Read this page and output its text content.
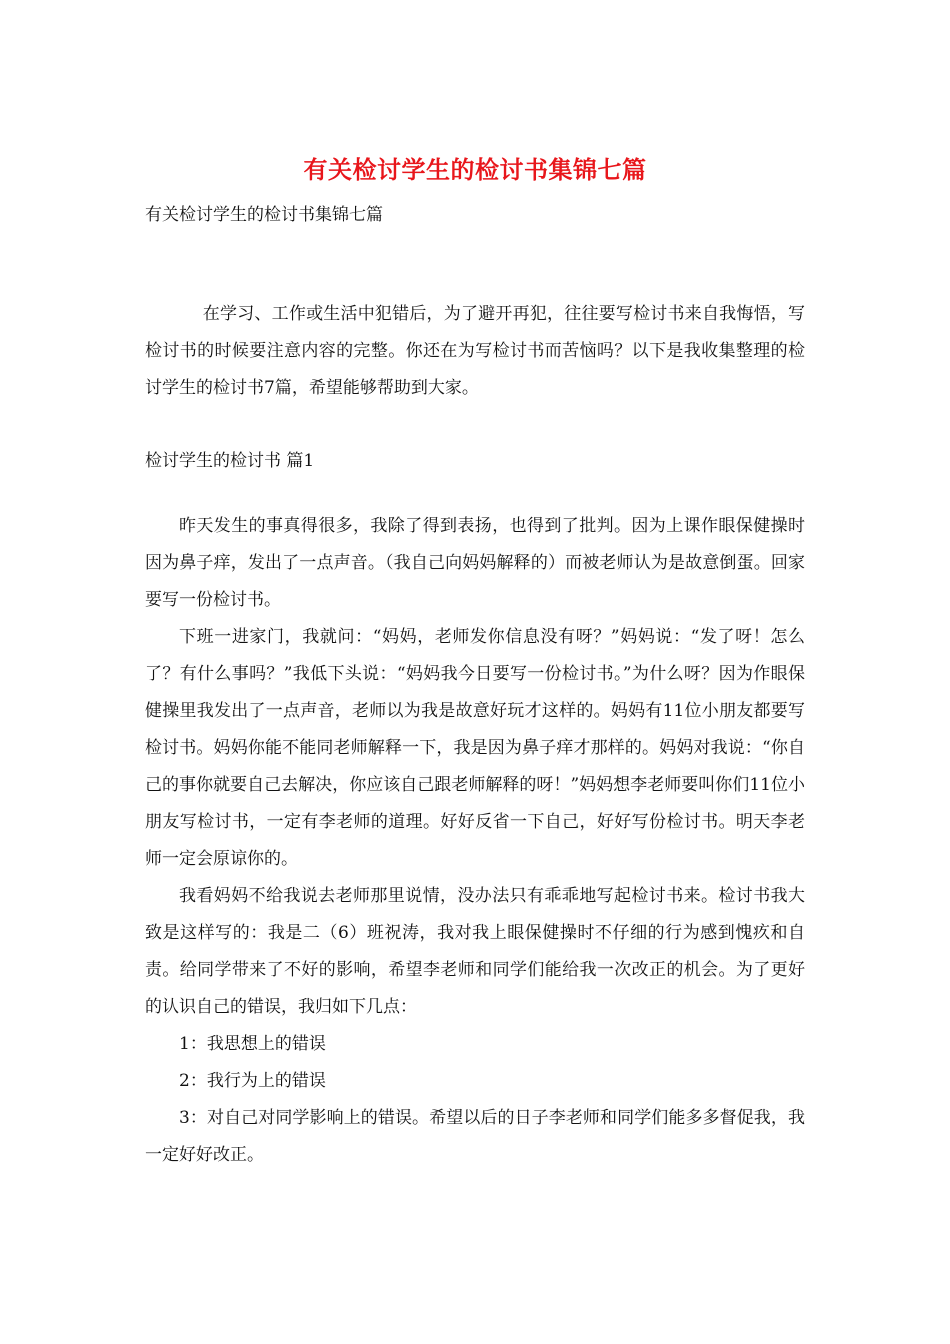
有关检讨学生的检讨书集锦七篇
有关检讨学生的检讨书集锦七篇

在学习、工作或生活中犯错后，为了避开再犯，往往要写检讨书来自我悔悟，写检讨书的时候要注意内容的完整。你还在为写检讨书而苦恼吗？以下是我收集整理的检讨学生的检讨书7篇，希望能够帮助到大家。

检讨学生的检讨书 篇1

昨天发生的事真得很多，我除了得到表扬，也得到了批判。因为上课作眼保健操时因为鼻子痒，发出了一点声音。（我自己向妈妈解释的）而被老师认为是故意倒蛋。回家要写一份检讨书。

下班一进家门，我就问：“妈妈，老师发你信息没有呀？”妈妈说：“发了呀！怎么了？有什么事吗？”我低下头说：“妈妈我今日要写一份检讨书。”为什么呀？因为作眼保健操里我发出了一点声音，老师以为我是故意好玩才这样的。妈妈有11位小朋友都要写检讨书。妈妈你能不能同老师解释一下，我是因为鼻子痒才那样的。妈妈对我说：“你自己的事你就要自己去解决，你应该自己跟老师解释的呀！”妈妈想李老师要叫你们11位小朋友写检讨书，一定有李老师的道理。好好反省一下自己，好好写份检讨书。明天李老师一定会原谅你的。

我看妈妈不给我说去老师那里说情，没办法只有乖乖地写起检讨书来。检讨书我大致是这样写的：我是二（6）班祝涛，我对我上眼保健操时不仔细的行为感到愧疚和自责。给同学带来了不好的影响，希望李老师和同学们能给我一次改正的机会。为了更好的认识自己的错误，我归如下几点：

1：我思想上的错误

2：我行为上的错误

3：对自己对同学影响上的错误。希望以后的日子李老师和同学们能多多督促我，我一定好好改正。
